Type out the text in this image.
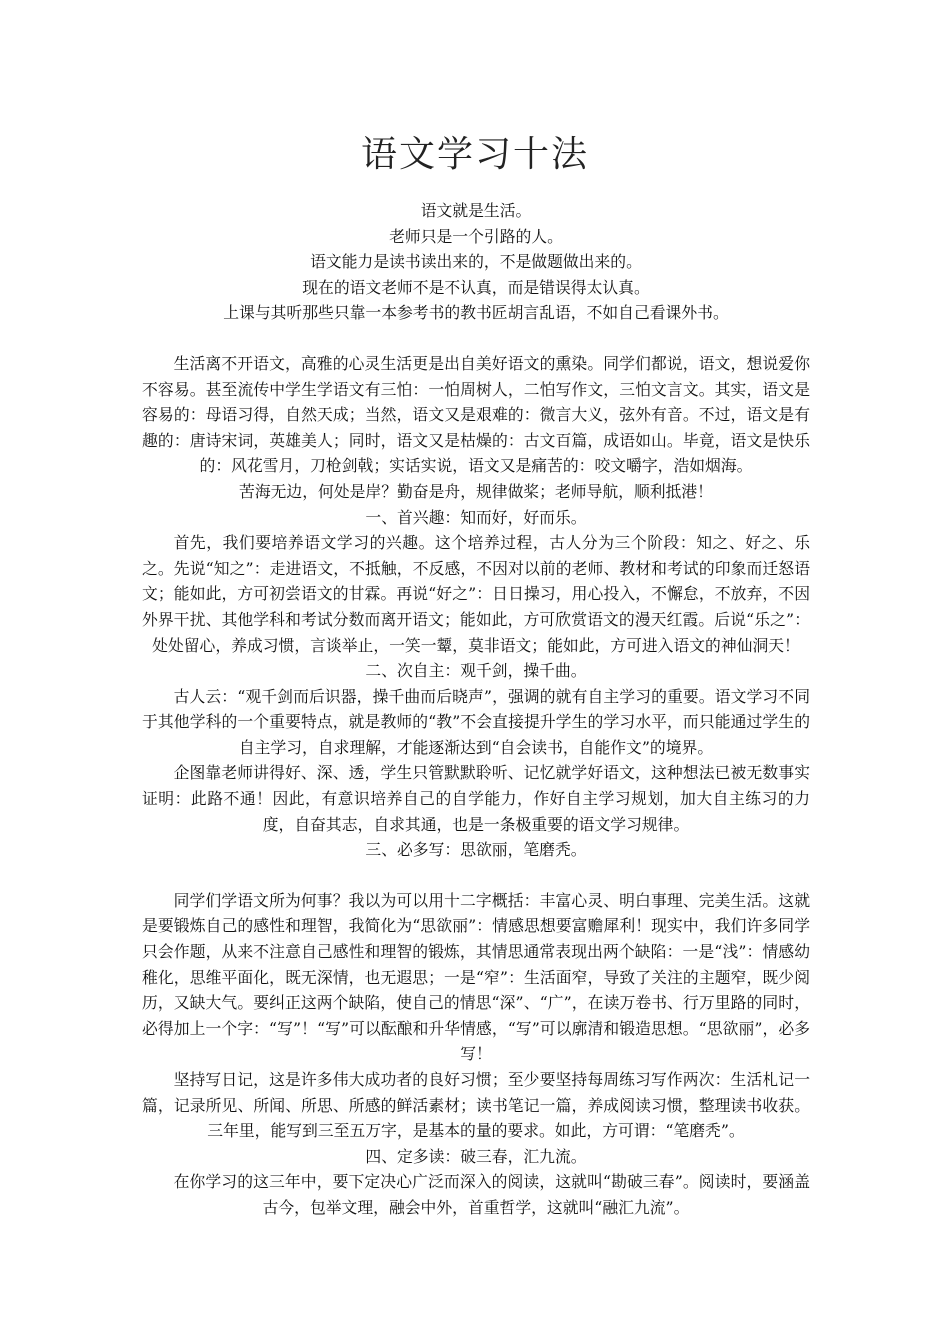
语文学习十法

语文就是生活。

老师只是一个引路的人。

语文能力是读书读出来的，不是做题做出来的。

现在的语文老师不是不认真，而是错误得太认真。

上课与其听那些只靠一本参考书的教书匠胡言乱语，不如自己看课外书。

生活离不开语文，高雅的心灵生活更是出自美好语文的熏染。同学们都说，语文，想说爱你不容易。甚至流传中学生学语文有三怕：一怕周树人，二怕写作文，三怕文言文。其实，语文是容易的：母语习得，自然天成；当然，语文又是艰难的：微言大义，弦外有音。不过，语文是有趣的：唐诗宋词，英雄美人；同时，语文又是枯燥的：古文百篇，成语如山。毕竟，语文是快乐的：风花雪月，刀枪剑戟；实话实说，语文又是痛苦的：咬文嚼字，浩如烟海。

苦海无边，何处是岸？勤奋是舟，规律做桨；老师导航，顺利抵港！

一、首兴趣：知而好，好而乐。

首先，我们要培养语文学习的兴趣。这个培养过程，古人分为三个阶段：知之、好之、乐之。先说“知之”：走进语文，不抵触，不反感，不因对以前的老师、教材和考试的印象而迁怒语文；能如此，方可初尝语文的甘霖。再说“好之”：日日操习，用心投入，不懈怠，不放弃，不因外界干扰、其他学科和考试分数而离开语文；能如此，方可欣赏语文的漫天红霞。后说“乐之”：处处留心，养成习惯，言谈举止，一笑一颦，莫非语文；能如此，方可进入语文的神仙洞天！

二、次自主：观千剑，操千曲。

古人云：“观千剑而后识器，操千曲而后晓声”，强调的就有自主学习的重要。语文学习不同于其他学科的一个重要特点，就是教师的“教”不会直接提升学生的学习水平，而只能通过学生的自主学习，自求理解，才能逐渐达到“自会读书，自能作文”的境界。

企图靠老师讲得好、深、透，学生只管默默聆听、记忆就学好语文，这种想法已被无数事实证明：此路不通！因此，有意识培养自己的自学能力，作好自主学习规划，加大自主练习的力度，自奋其志，自求其通，也是一条极重要的语文学习规律。

三、必多写：思欲丽，笔磨秃。

同学们学语文所为何事？我以为可以用十二字概括：丰富心灵、明白事理、完美生活。这就是要锻炼自己的感性和理智，我简化为“思欲丽”：情感思想要富赡犀利！现实中，我们许多同学只会作题，从来不注意自己感性和理智的锻炼，其情思通常表现出两个缺陷：一是“浅”：情感幼稚化，思维平面化，既无深情，也无遐思；一是“窄”：生活面窄，导致了关注的主题窄，既少阅历，又缺大气。要纠正这两个缺陷，使自己的情思“深”、“广”，在读万卷书、行万里路的同时，必得加上一个字：“写”！“写”可以酝酿和升华情感，“写”可以廓清和锻造思想。“思欲丽”，必多写！

坚持写日记，这是许多伟大成功者的良好习惯；至少要坚持每周练习写作两次：生活札记一篇，记录所见、所闻、所思、所感的鲜活素材；读书笔记一篇，养成阅读习惯，整理读书收获。三年里，能写到三至五万字，是基本的量的要求。如此，方可谓：“笔磨秃”。

四、定多读：破三春，汇九流。

在你学习的这三年中，要下定决心广泛而深入的阅读，这就叫“勘破三春”。阅读时，要涵盖古今，包举文理，融会中外，首重哲学，这就叫“融汇九流”。
